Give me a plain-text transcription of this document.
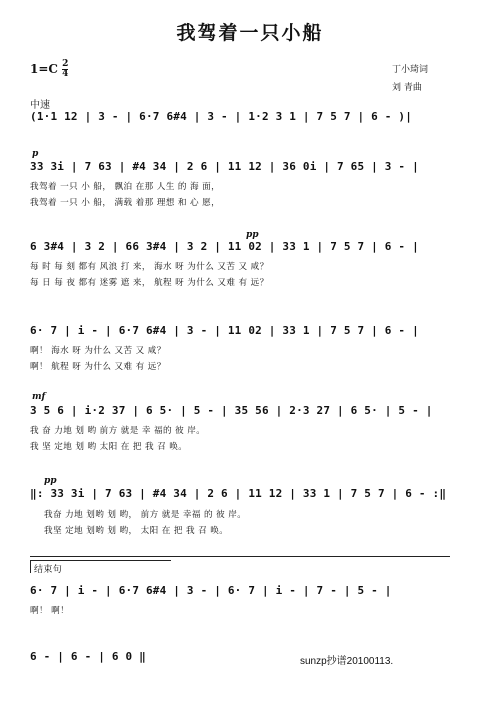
我驾着一只小船
$1=C \frac{2}{4}$	丁小琦词
刘 青曲
中速
(1·1 12 | 3 - | 6·7 6#4 | 3 - | 1·2 3 1 | 7 5 7 | 6 - )|
p
33 3i | 7 63 | #4 34 | 2 6 | 11 12 | 36 0i | 7 65 | 3 - |
我驾着 一只 小 船， 飘泊 在那 人生 的 海 面，
我驾着 一只 小 船， 满载 着那 理想 和 心 愿，
pp
6 3#4 | 3 2 | 66 3#4 | 3 2 | 11 02 | 33 1 | 7 5 7 | 6 - |
每 时 每 刻 都有 风浪 打 来， 海水 呀 为什么 又苦 又 咸？
每 日 每 夜 都有 迷雾 遮 来， 航程 呀 为什么 又难 有 远？
6· 7 | i - | 6·7 6#4 | 3 - | 11 02 | 33 1 | 7 5 7 | 6 - |
啊！ 海水 呀 为什么 又苦 又 咸？
啊！ 航程 呀 为什么 又难 有 远？
mf
3 5 6 | i·2 37 | 6 5· | 5 - | 35 56 | 2·3 27 | 6 5· | 5 - |
我 奋 力地 划 哟 前方 就是 幸 福的 彼 岸。
我 坚 定地 划 哟 太阳 在 把 我 召 唤。
pp
‖: 33 3i | 7 63 | #4 34 | 2 6 | 11 12 | 33 1 | 7 5 7 | 6 - :‖
我奋 力地 划哟 划 哟， 前方 就是 幸福 的 彼 岸。
我坚 定地 划哟 划 哟， 太阳 在 把 我 召 唤。
结束句
6· 7 | i - | 6·7 6#4 | 3 - | 6· 7 | i - | 7 - | 5 - |
啊！ 啊！
6 - | 6 - | 6 0 ‖	sunzp抄谱20100113.
